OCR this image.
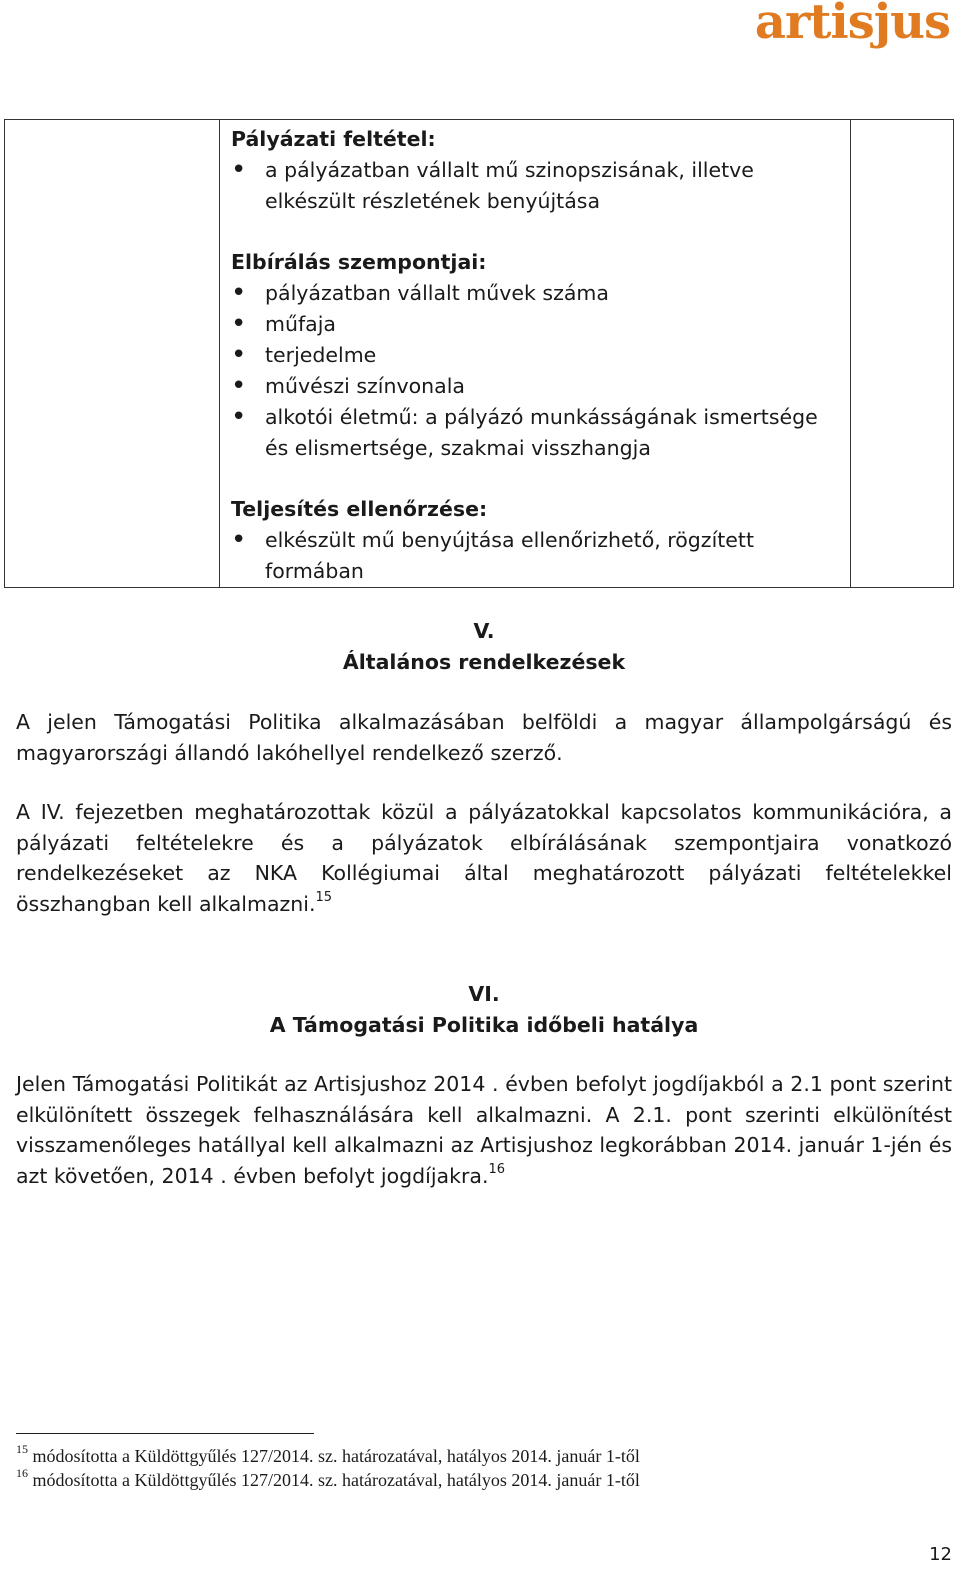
artisjus

Pályázati feltétel:
• a pályázatban vállalt mű szinopszisának, illetve elkészült részletének benyújtása
Elbírálás szempontjai:
• pályázatban vállalt művek száma
• műfaja
• terjedelme
• művészi színvonala
• alkotói életmű: a pályázó munkásságának ismertsége és elismertsége, szakmai visszhangja
Teljesítés ellenőrzése:
• elkészült mű benyújtása ellenőrizhető, rögzített formában

V.
Általános rendelkezések
A jelen Támogatási Politika alkalmazásában belföldi a magyar állampolgárságú és magyarországi állandó lakóhellyel rendelkező szerző.
A IV. fejezetben meghatározottak közül a pályázatokkal kapcsolatos kommunikációra, a pályázati feltételekre és a pályázatok elbírálásának szempontjaira vonatkozó rendelkezéseket az NKA Kollégiumai által meghatározott pályázati feltételekkel összhangban kell alkalmazni.$^{15}$
VI.
A Támogatási Politika időbeli hatálya
Jelen Támogatási Politikát az Artisjushoz 2014 . évben befolyt jogdíjakból a 2.1 pont szerint elkülönített összegek felhasználására kell alkalmazni. A 2.1. pont szerinti elkülönítést visszamenőleges hatállyal kell alkalmazni az Artisjushoz legkorábban 2014. január 1-jén és azt követően, 2014 . évben befolyt jogdíjakra.$^{16}$
$^{15}$ módosította a Küldöttgyűlés 127/2014. sz. határozatával, hatályos 2014. január 1-től
$^{16}$ módosította a Küldöttgyűlés 127/2014. sz. határozatával, hatályos 2014. január 1-től
12
